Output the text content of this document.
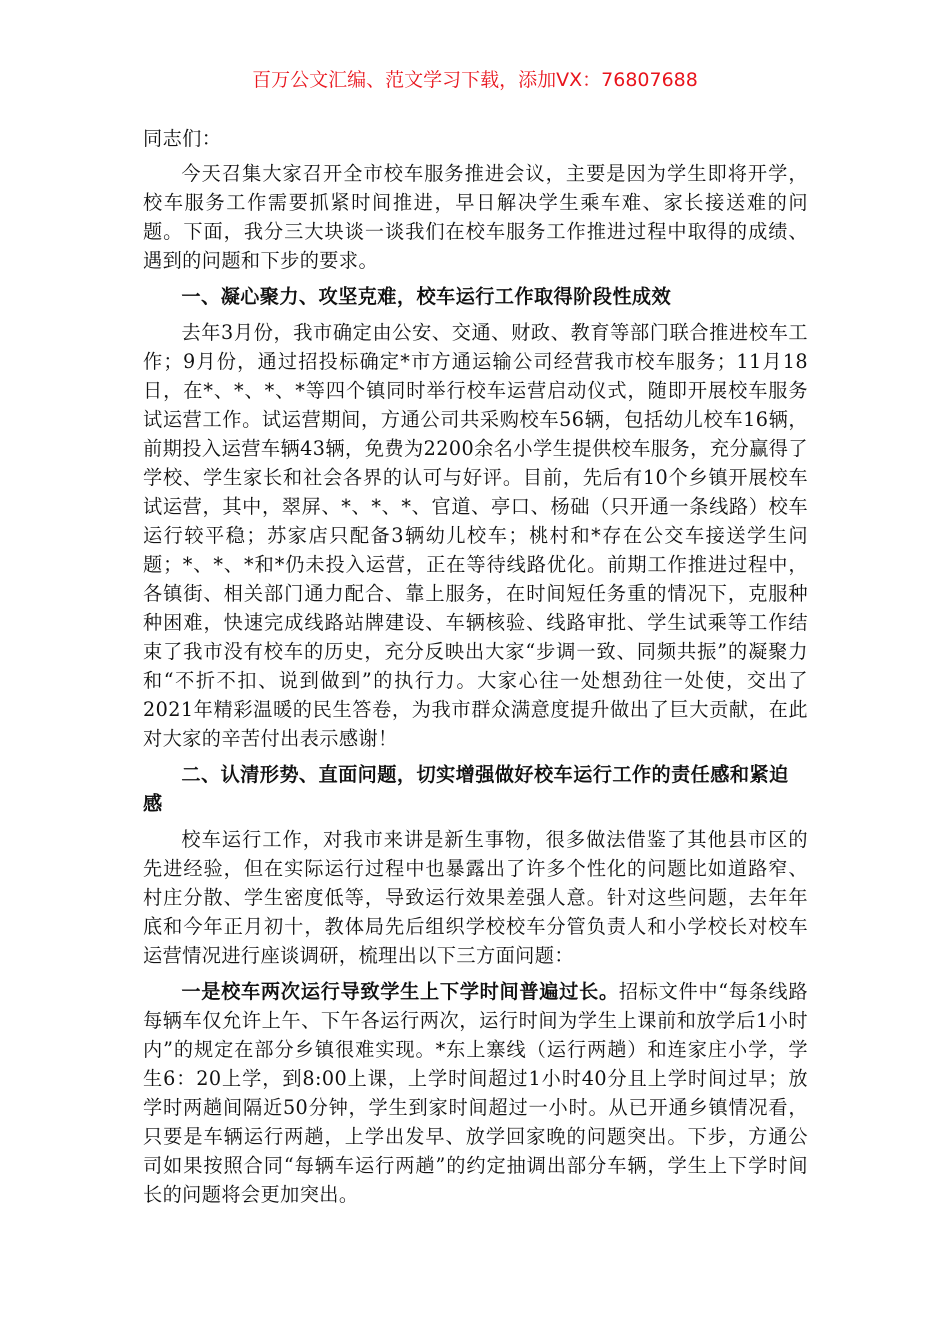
百万公文汇编、范文学习下载，添加VX：76807688

同志们：

今天召集大家召开全市校车服务推进会议，主要是因为学生即将开学，校车服务工作需要抓紧时间推进，早日解决学生乘车难、家长接送难的问题。下面，我分三大块谈一谈我们在校车服务工作推进过程中取得的成绩、遇到的问题和下步的要求。

一、凝心聚力、攻坚克难，校车运行工作取得阶段性成效

去年3月份，我市确定由公安、交通、财政、教育等部门联合推进校车工作；9月份，通过招投标确定*市方通运输公司经营我市校车服务；11月18日，在*、*、*、*等四个镇同时举行校车运营启动仪式，随即开展校车服务试运营工作。试运营期间，方通公司共采购校车56辆，包括幼儿校车16辆，前期投入运营车辆43辆，免费为2200余名小学生提供校车服务，充分赢得了学校、学生家长和社会各界的认可与好评。目前，先后有10个乡镇开展校车试运营，其中，翠屏、*、*、*、官道、亭口、杨础（只开通一条线路）校车运行较平稳；苏家店只配备3辆幼儿校车；桃村和*存在公交车接送学生问题；*、*、*和*仍未投入运营，正在等待线路优化。前期工作推进过程中，各镇街、相关部门通力配合、靠上服务，在时间短任务重的情况下，克服种种困难，快速完成线路站牌建设、车辆核验、线路审批、学生试乘等工作结束了我市没有校车的历史，充分反映出大家“步调一致、同频共振”的凝聚力和“不折不扣、说到做到”的执行力。大家心往一处想劲往一处使，交出了2021年精彩温暖的民生答卷，为我市群众满意度提升做出了巨大贡献，在此对大家的辛苦付出表示感谢！

二、认清形势、直面问题，切实增强做好校车运行工作的责任感和紧迫感

校车运行工作，对我市来讲是新生事物，很多做法借鉴了其他县市区的先进经验，但在实际运行过程中也暴露出了许多个性化的问题比如道路窄、村庄分散、学生密度低等，导致运行效果差强人意。针对这些问题，去年年底和今年正月初十，教体局先后组织学校校车分管负责人和小学校长对校车运营情况进行座谈调研，梳理出以下三方面问题：

一是校车两次运行导致学生上下学时间普遍过长。招标文件中“每条线路每辆车仅允许上午、下午各运行两次，运行时间为学生上课前和放学后1小时内”的规定在部分乡镇很难实现。*东上寨线（运行两趟）和连家庄小学，学生6：20上学，到8:00上课，上学时间超过1小时40分且上学时间过早；放学时两趟间隔近50分钟，学生到家时间超过一小时。从已开通乡镇情况看，只要是车辆运行两趟，上学出发早、放学回家晚的问题突出。下步，方通公司如果按照合同“每辆车运行两趟”的约定抽调出部分车辆，学生上下学时间长的问题将会更加突出。
